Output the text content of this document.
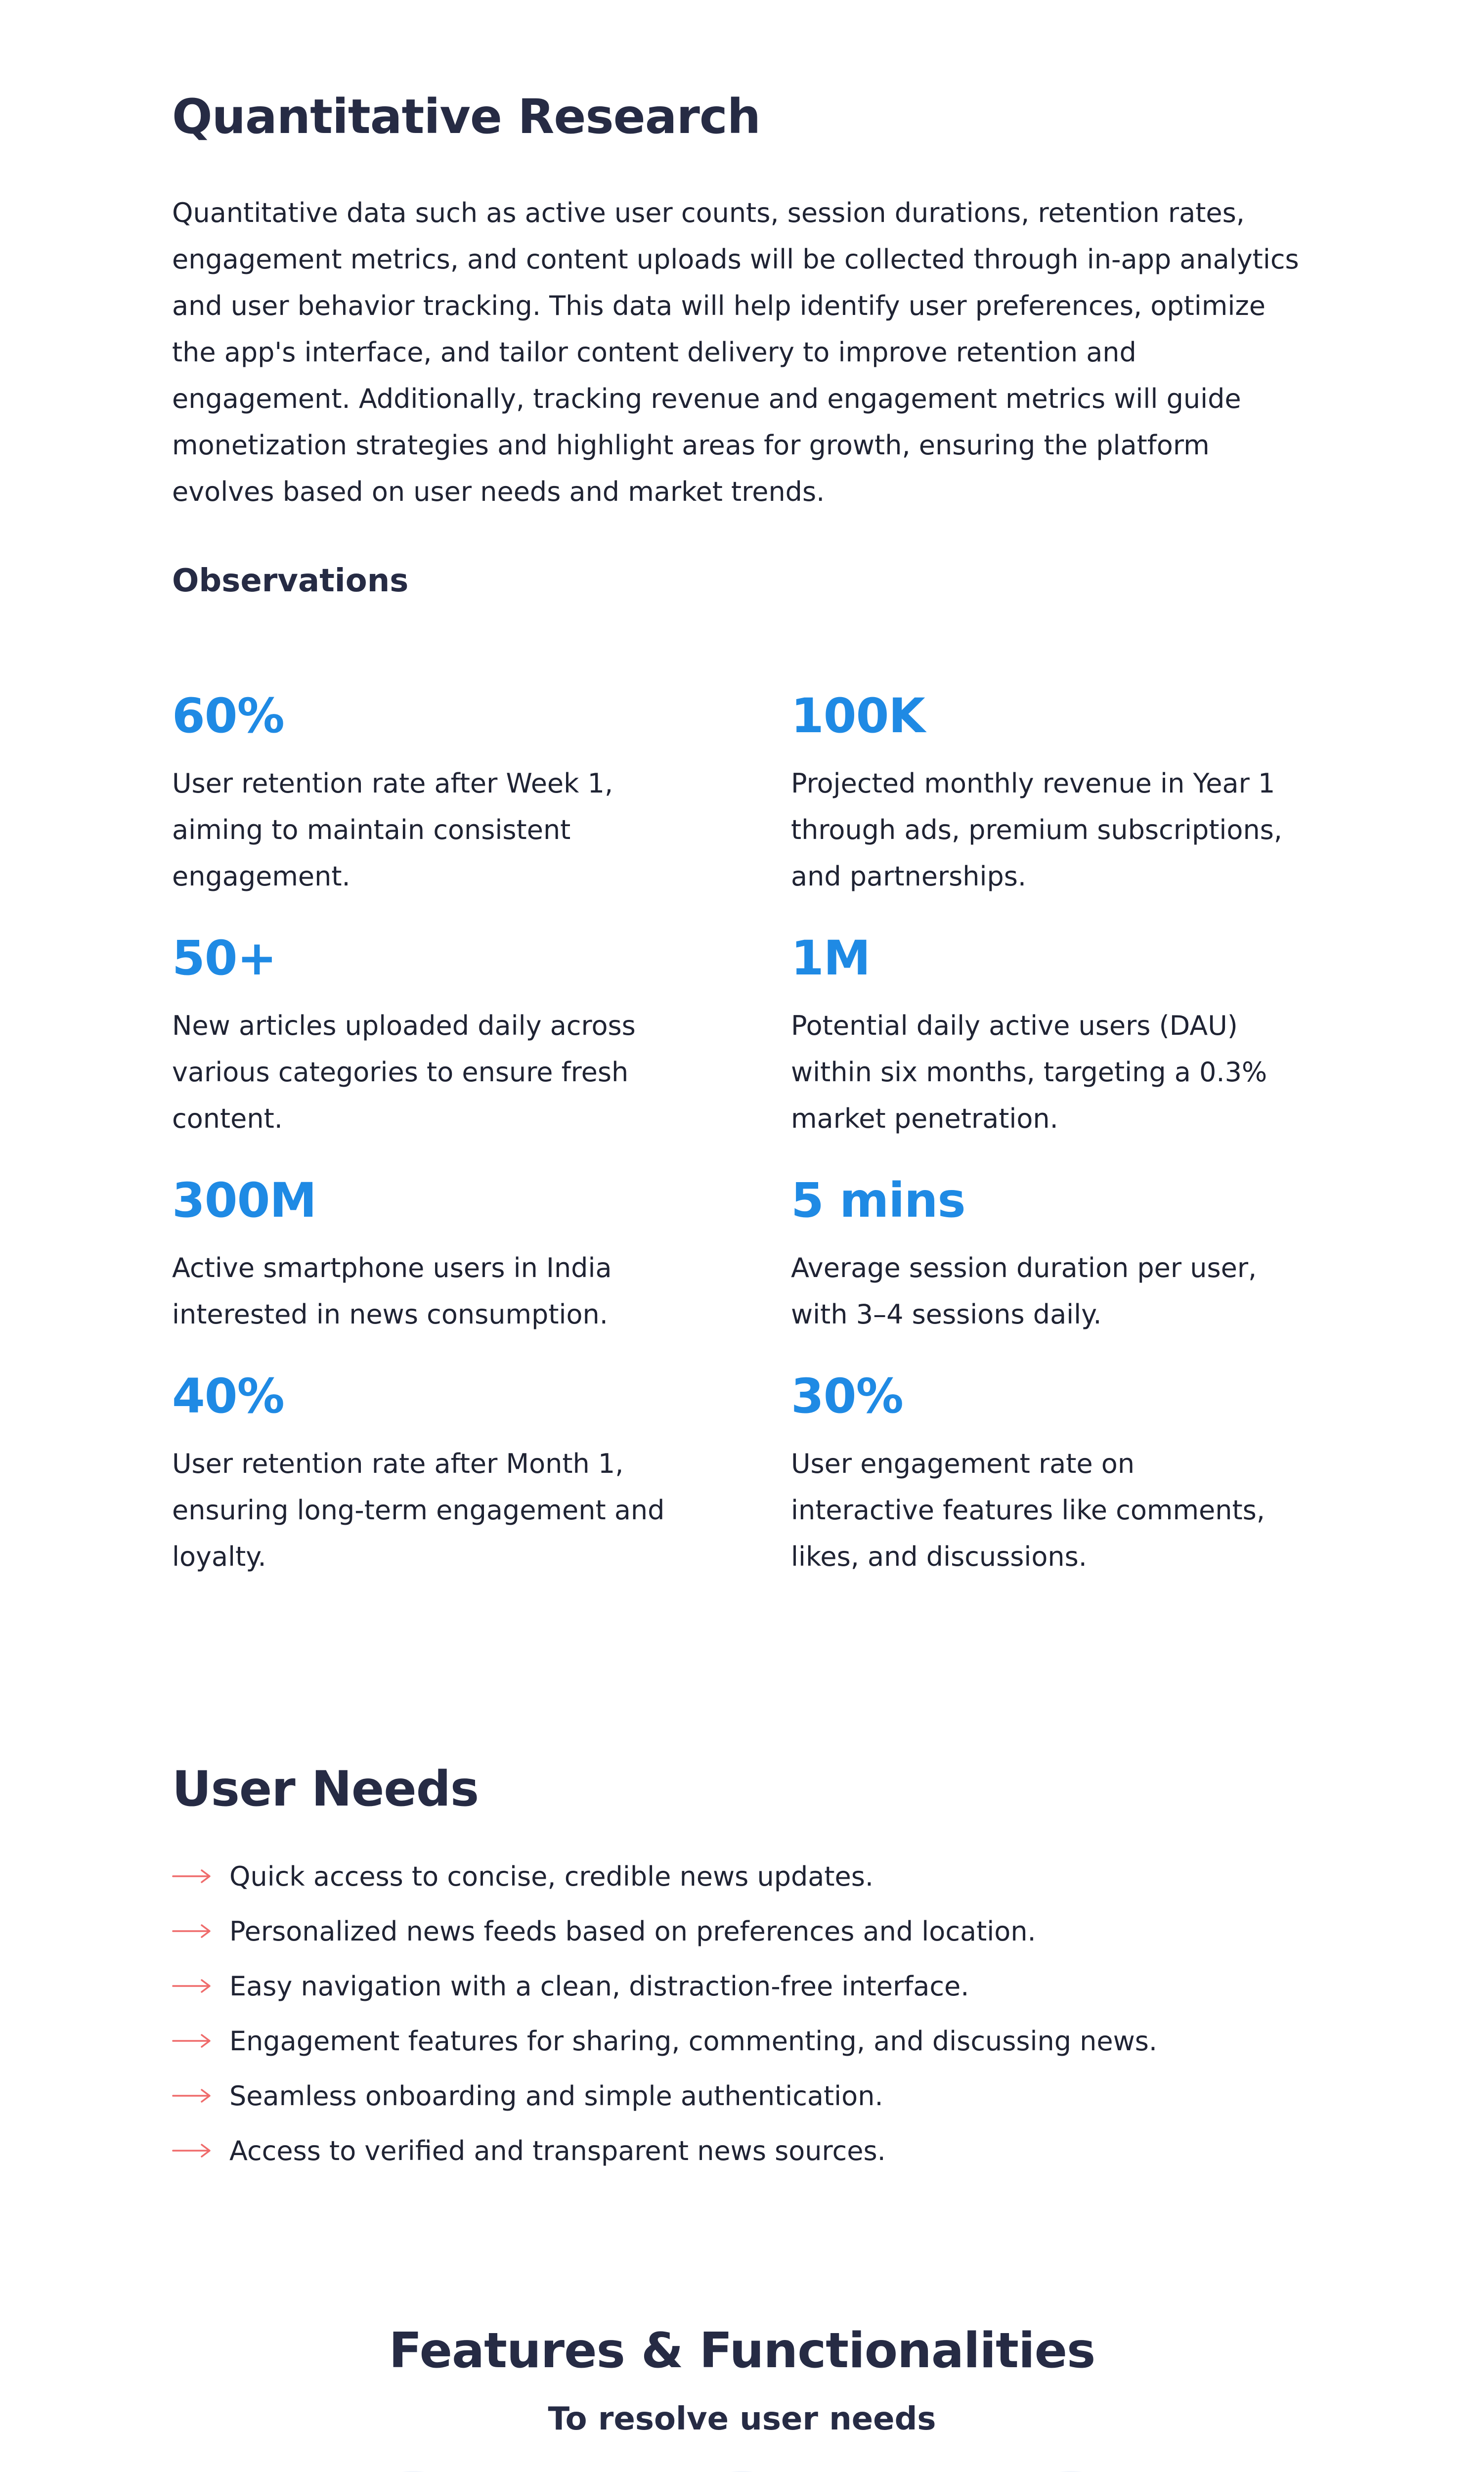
Quantitative Research

Quantitative data such as active user counts, session durations, retention rates, engagement metrics, and content uploads will be collected through in-app analytics and user behavior tracking. This data will help identify user preferences, optimize the app's interface, and tailor content delivery to improve retention and engagement. Additionally, tracking revenue and engagement metrics will guide monetization strategies and highlight areas for growth, ensuring the platform evolves based on user needs and market trends.

Observations
60%
User retention rate after Week 1, aiming to maintain consistent engagement.
100K
Projected monthly revenue in Year 1 through ads, premium subscriptions, and partnerships.
50+
New articles uploaded daily across various categories to ensure fresh content.
1M
Potential daily active users (DAU) within six months, targeting a 0.3% market penetration.
300M
Active smartphone users in India interested in news consumption.
5 mins
Average session duration per user, with 3–4 sessions daily.
40%
User retention rate after Month 1, ensuring long-term engagement and loyalty.
30%
User engagement rate on interactive features like comments, likes, and discussions.
User Needs
Quick access to concise, credible news updates.
Personalized news feeds based on preferences and location.
Easy navigation with a clean, distraction-free interface.
Engagement features for sharing, commenting, and discussing news.
Seamless onboarding and simple authentication.
Access to verified and transparent news sources.
Features & Functionalities
To resolve user needs
